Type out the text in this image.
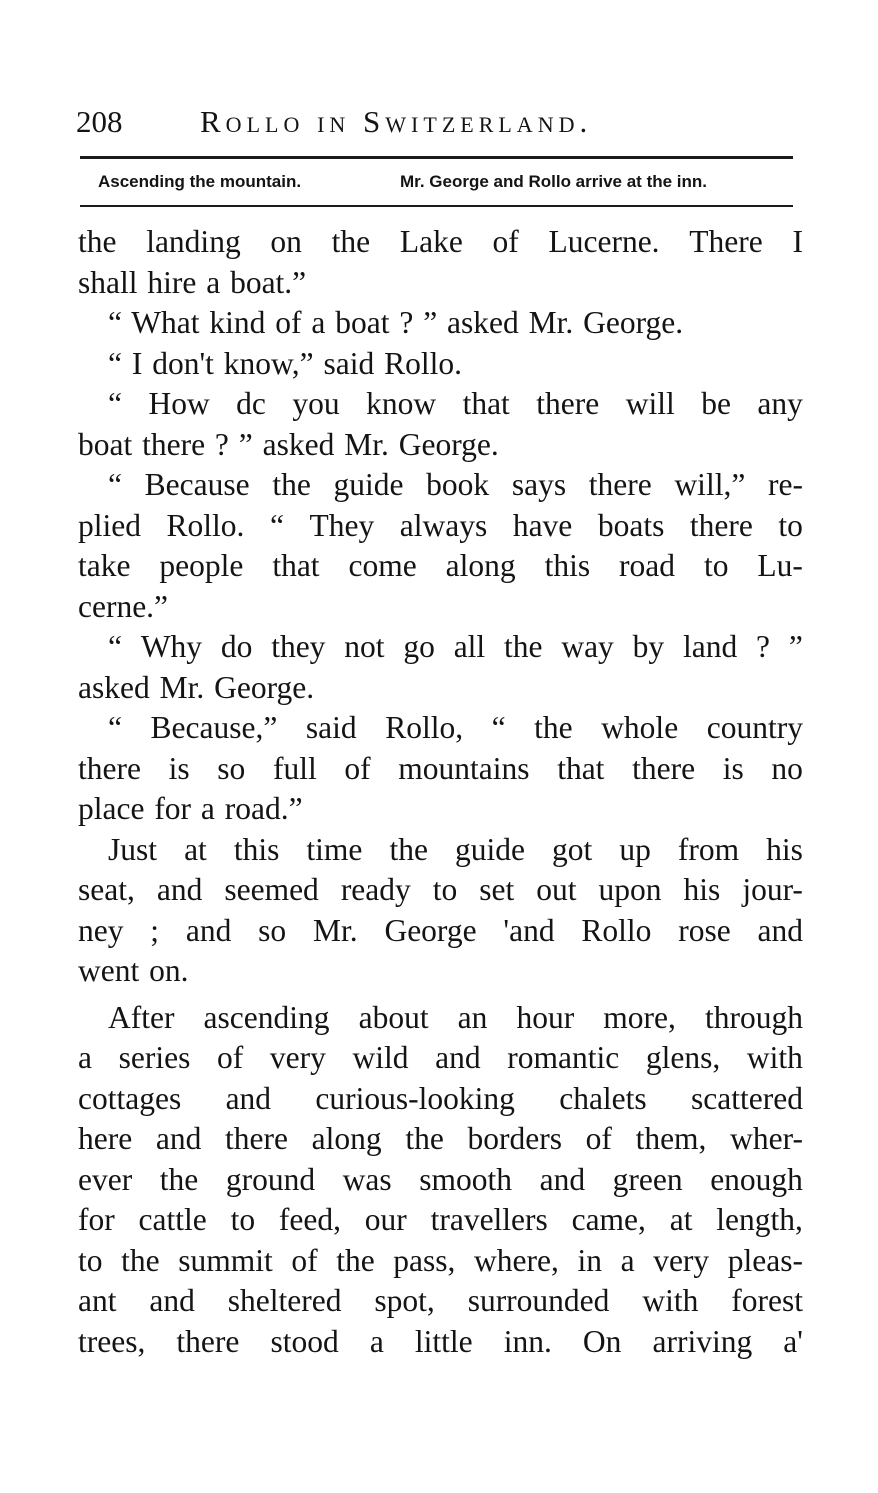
208	Rollo in Switzerland.
Ascending the mountain.	Mr. George and Rollo arrive at the inn.
the landing on the Lake of Lucerne. There I
shall hire a boat.”
“ What kind of a boat ? ” asked Mr. George.
“ I don't know,” said Rollo.
“ How dc you know that there will be any
boat there ? ” asked Mr. George.
“ Because the guide book says there will,” re-
plied Rollo. “ They always have boats there to
take people that come along this road to Lu-
cerne.”
“ Why do they not go all the way by land ? ”
asked Mr. George.
“ Because,” said Rollo, “ the whole country
there is so full of mountains that there is no
place for a road.”
Just at this time the guide got up from his
seat, and seemed ready to set out upon his jour-
ney ; and so Mr. George 'and Rollo rose and
went on.
After ascending about an hour more, through
a series of very wild and romantic glens, with
cottages and curious-looking chalets scattered
here and there along the borders of them, wher-
ever the ground was smooth and green enough
for cattle to feed, our travellers came, at length,
to the summit of the pass, where, in a very pleas-
ant and sheltered spot, surrounded with forest
trees, there stood a little inn. On arriving a'
